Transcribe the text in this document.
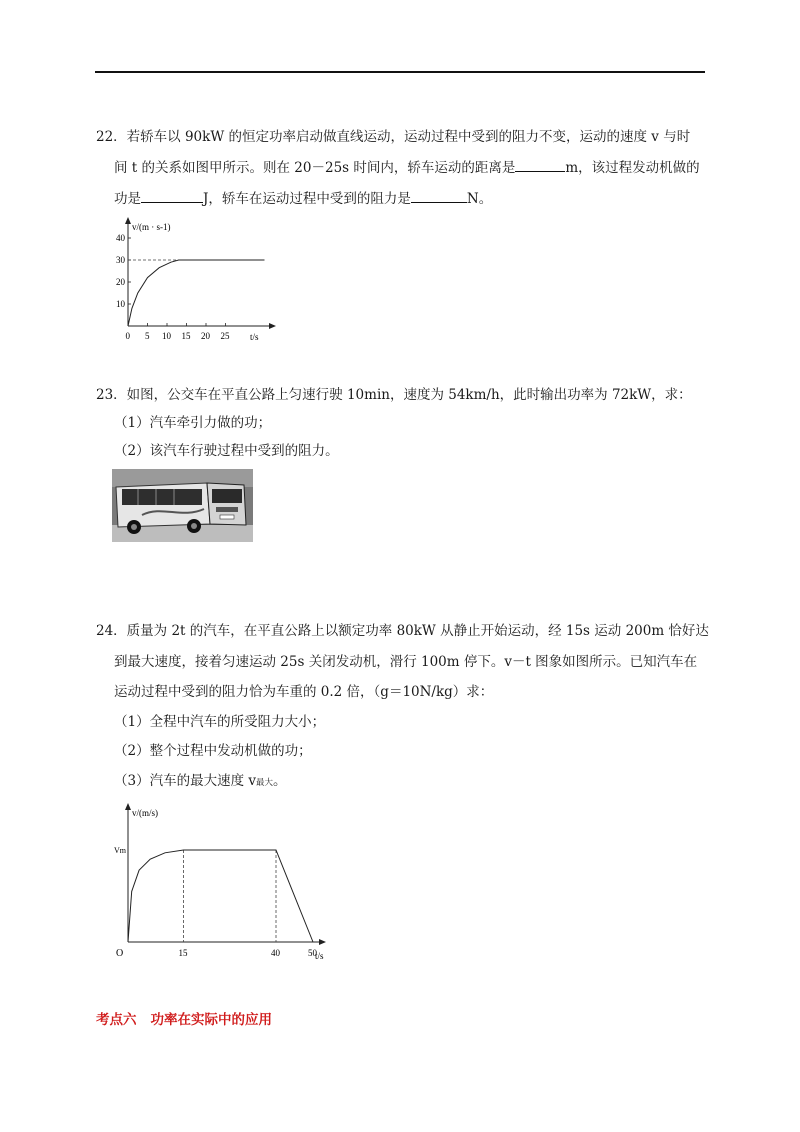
22．若轿车以 90kW 的恒定功率启动做直线运动，运动过程中受到的阻力不变，运动的速度 v 与时
间 t 的关系如图甲所示。则在 20－25s 时间内，轿车运动的距离是	m，该过程发动机做的
功是	J，轿车在运动过程中受到的阻力是	N。
v/(m · s-1)
t/s
0 5 10 15 20 25
10
20
30
40
23．如图，公交车在平直公路上匀速行驶 10min，速度为 54km/h，此时输出功率为 72kW，求：
（1）汽车牵引力做的功；
（2）该汽车行驶过程中受到的阻力。
24．质量为 2t 的汽车，在平直公路上以额定功率 80kW 从静止开始运动，经 15s 运动 200m 恰好达
到最大速度，接着匀速运动 25s 关闭发动机，滑行 100m 停下。v－t 图象如图所示。已知汽车在
运动过程中受到的阻力恰为车重的 0.2 倍，（g＝10N/kg）求：
（1）全程中汽车的所受阻力大小；
（2）整个过程中发动机做的功；
（3）汽车的最大速度 v最大。
v/(m/s)
t/s
O	15	40	50
Vm
考点六 功率在实际中的应用
